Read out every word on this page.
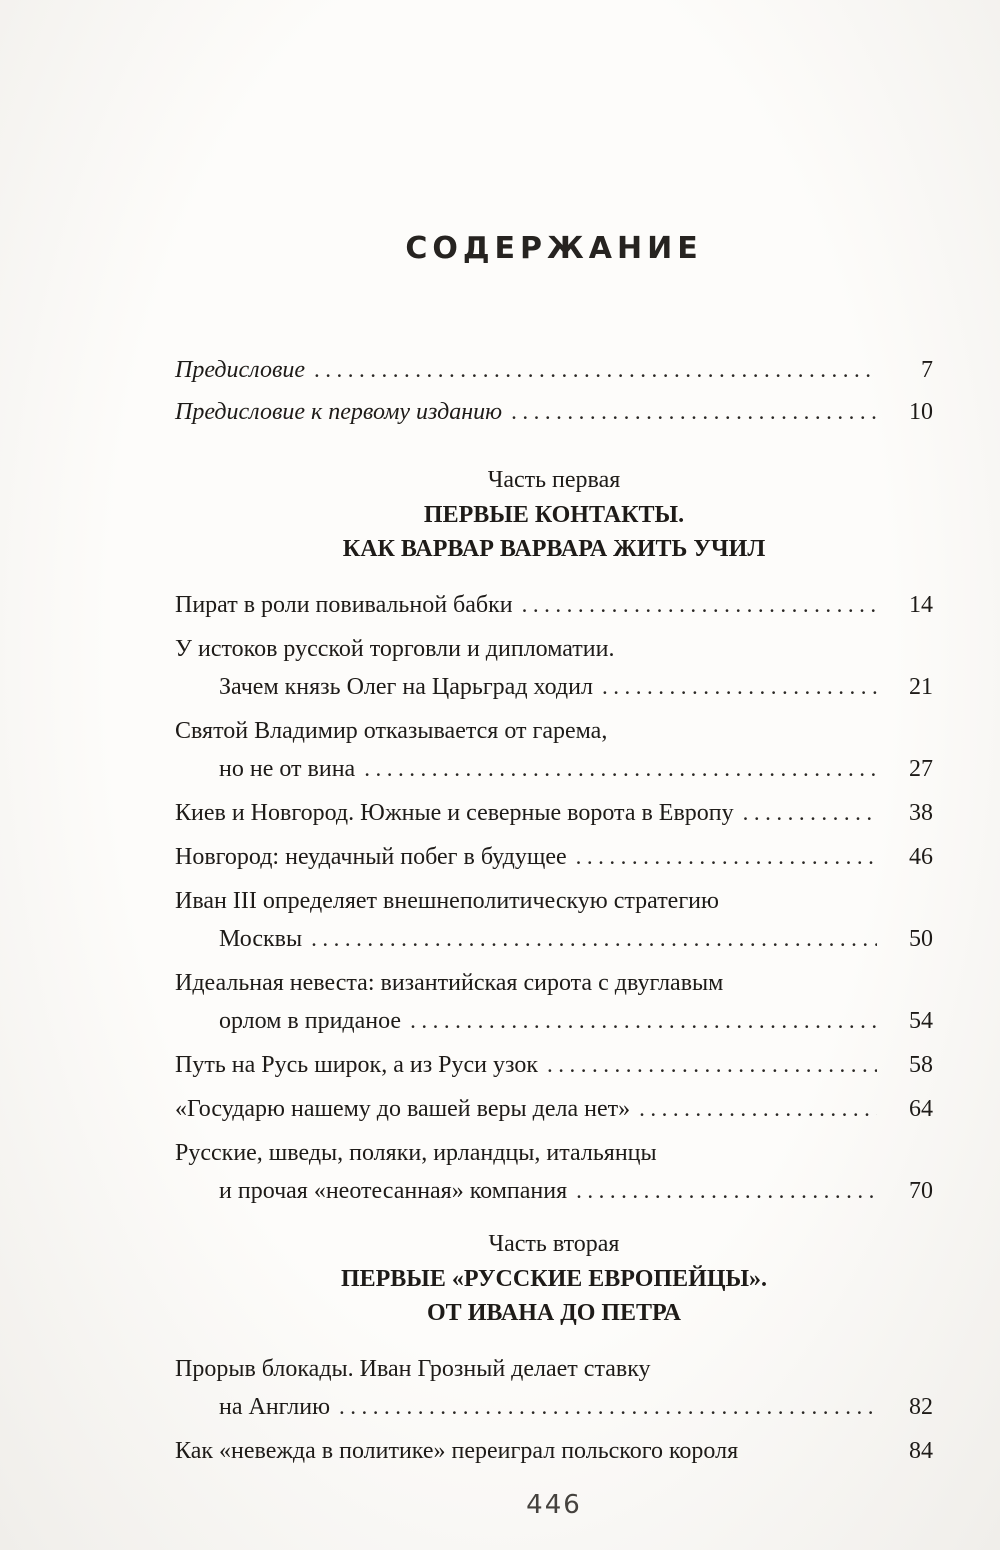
СОДЕРЖАНИЕ
Предисловие .....	7
Предисловие к первому изданию .....	10
Часть первая
ПЕРВЫЕ КОНТАКТЫ.
КАК ВАРВАР ВАРВАРА ЖИТЬ УЧИЛ
Пират в роли повивальной бабки .....	14
У истоков русской торговли и дипломатии.
Зачем князь Олег на Царьград ходил .....	21
Святой Владимир отказывается от гарема,
но не от вина .....	27
Киев и Новгород. Южные и северные ворота в Европу .....	38
Новгород: неудачный побег в будущее .....	46
Иван III определяет внешнеполитическую стратегию
Москвы .....	50
Идеальная невеста: византийская сирота с двуглавым
орлом в приданое .....	54
Путь на Русь широк, а из Руси узок .....	58
«Государю нашему до вашей веры дела нет» .....	64
Русские, шведы, поляки, ирландцы, итальянцы
и прочая «неотесанная» компания .....	70
Часть вторая
ПЕРВЫЕ «РУССКИЕ ЕВРОПЕЙЦЫ».
ОТ ИВАНА ДО ПЕТРА
Прорыв блокады. Иван Грозный делает ставку
на Англию .....	82
Как «невежда в политике» переиграл польского короля	84
446
